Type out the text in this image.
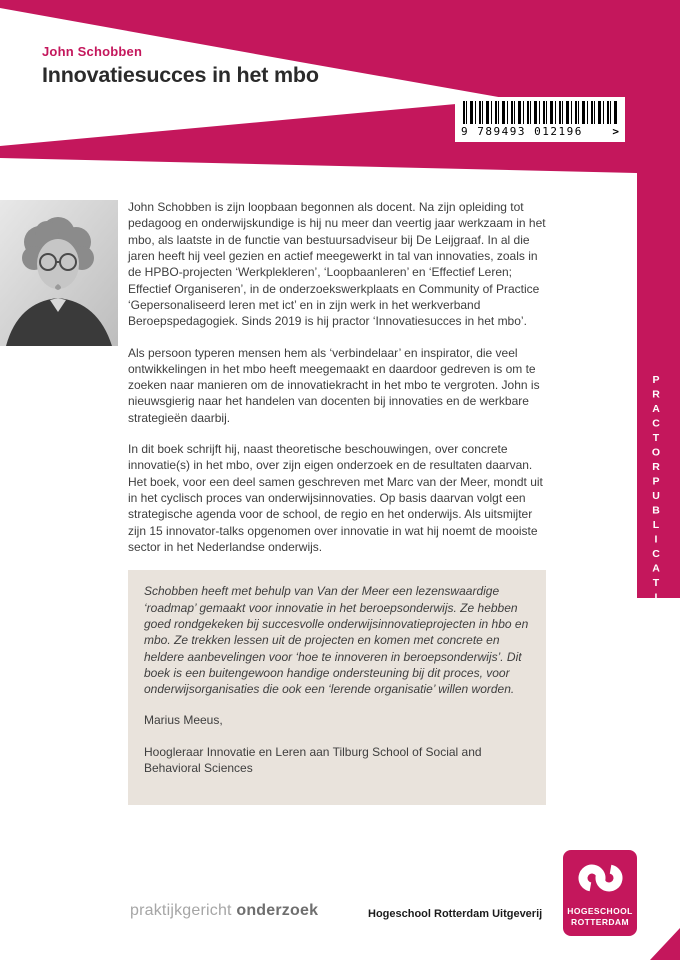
John Schobben
Innovatiesucces in het mbo
9 789493 012196	>
PRACTORPUBLICATIE

John Schobben is zijn loopbaan begonnen als docent. Na zijn opleiding tot pedagoog en onderwijskundige is hij nu meer dan veertig jaar werkzaam in het mbo, als laatste in de functie van bestuursadviseur bij De Leijgraaf. In al die jaren heeft hij veel gezien en actief meegewerkt in tal van innovaties, zoals in de HPBO-projecten ‘Werkplekleren’, ‘Loopbaanleren’ en ‘Effectief Leren; Effectief Organiseren’, in de onderzoekswerkplaats en Community of Practice ‘Gepersonaliseerd leren met ict’ en in zijn werk in het werkverband Beroepspedagogiek. Sinds 2019 is hij practor ‘Innovatiesucces in het mbo’.

Als persoon typeren mensen hem als ‘verbindelaar’ en inspirator, die veel ontwikkelingen in het mbo heeft meegemaakt en daardoor gedreven is om te zoeken naar manieren om de innovatiekracht in het mbo te vergroten. John is nieuwsgierig naar het handelen van docenten bij innovaties en de werkbare strategieën daarbij.

In dit boek schrijft hij, naast theoretische beschouwingen, over concrete innovatie(s) in het mbo, over zijn eigen onderzoek en de resultaten daarvan. Het boek, voor een deel samen geschreven met Marc van der Meer, mondt uit in het cyclisch proces van onderwijsinnovaties. Op basis daarvan volgt een strategische agenda voor de school, de regio en het onderwijs. Als uitsmijter zijn 15 innovator-talks opgenomen over innovatie in wat hij noemt de mooiste sector in het Nederlandse onderwijs.

Schobben heeft met behulp van Van der Meer een lezenswaardige ‘roadmap’ gemaakt voor innovatie in het beroepsonderwijs. Ze hebben goed rondgekeken bij succesvolle onderwijsinnovatieprojecten in hbo en mbo. Ze trekken lessen uit de projecten en komen met concrete en heldere aanbevelingen voor ‘hoe te innoveren in beroepsonderwijs’. Dit boek is een buitengewoon handige ondersteuning bij dit proces, voor onderwijsorganisaties die ook een ‘lerende organisatie’ willen worden.

Marius Meeus,

Hoogleraar Innovatie en Leren aan Tilburg School of Social and Behavioral Sciences

praktijkgericht onderzoek	Hogeschool Rotterdam Uitgeverij	HOGESCHOOL
ROTTERDAM
